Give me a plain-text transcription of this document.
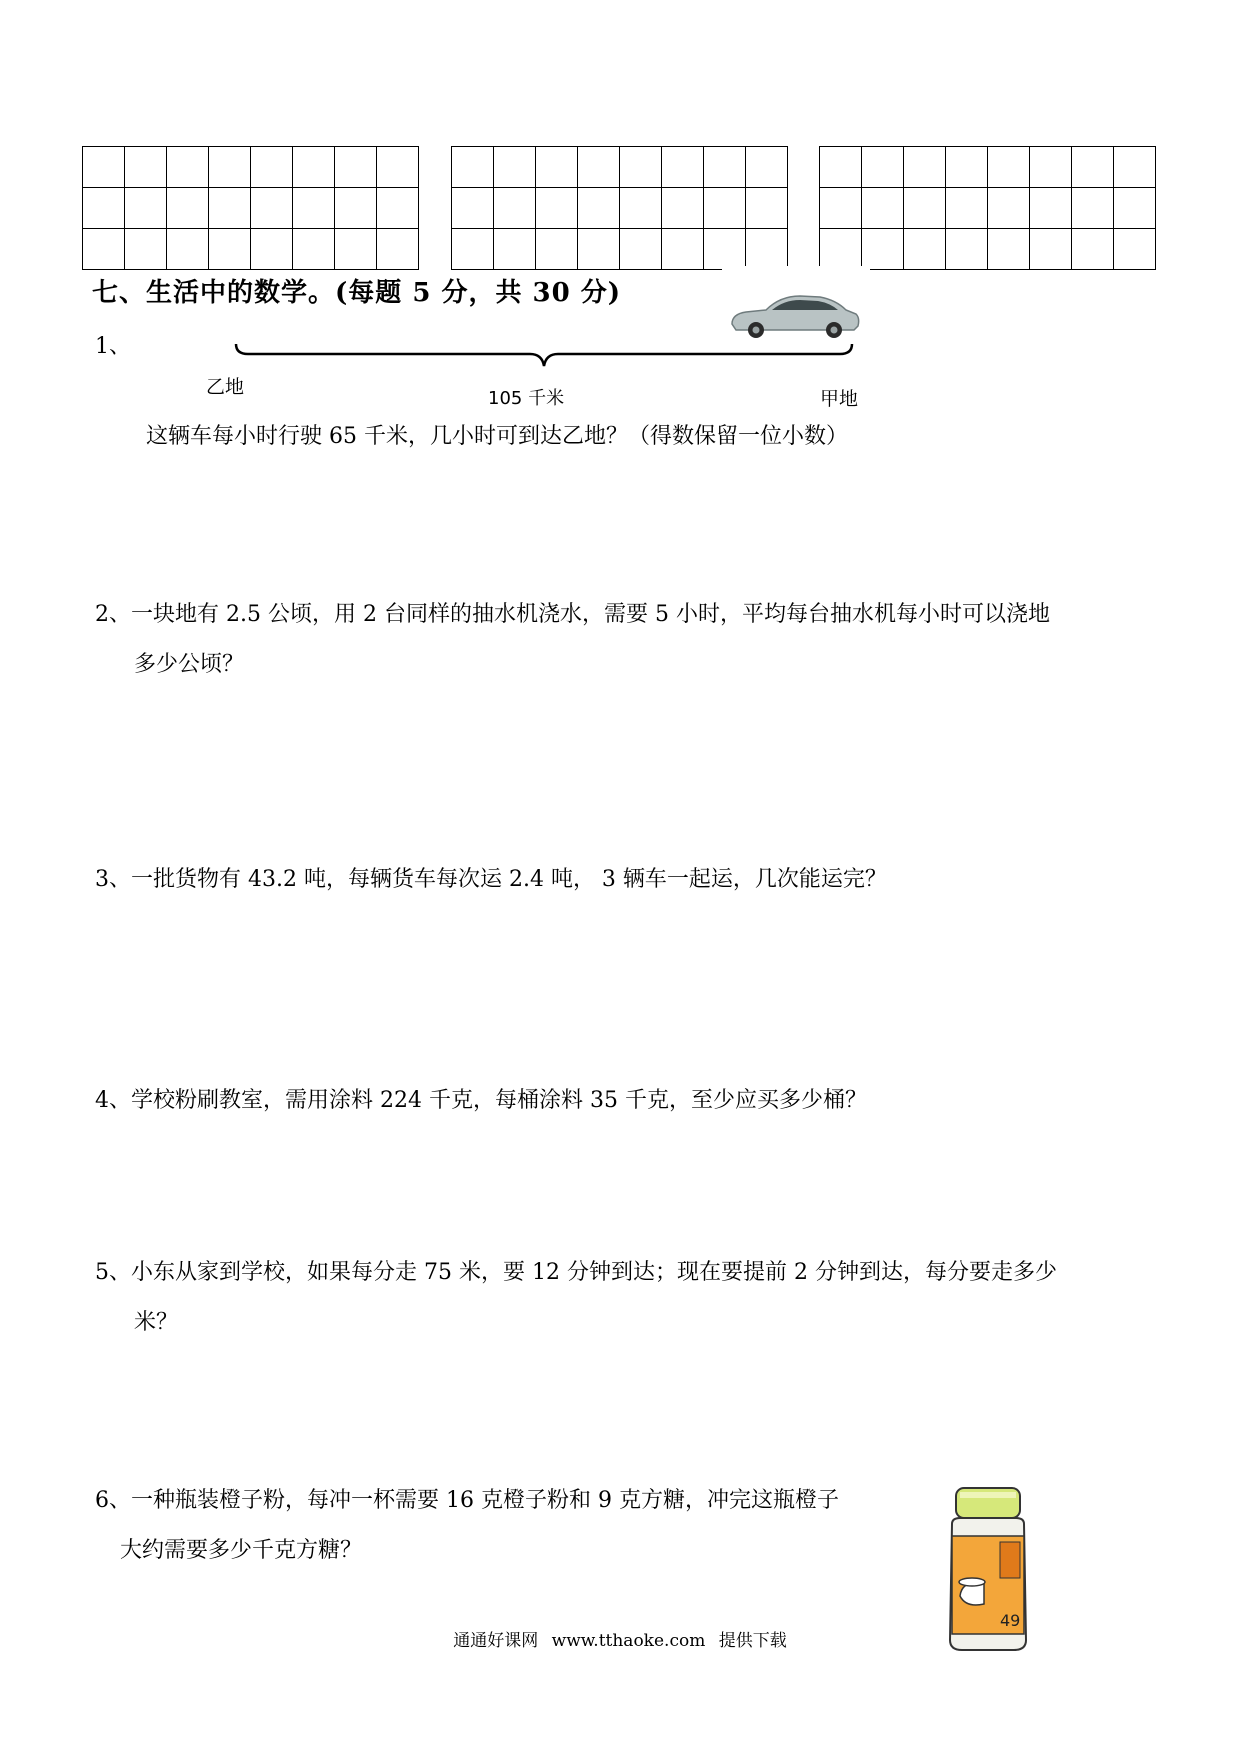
七、生活中的数学。(每题 5 分，共 30 分)
1、
乙地
105 千米	甲地
这辆车每小时行驶 65 千米，几小时可到达乙地？（得数保留一位小数）
2、一块地有 2.5 公顷，用 2 台同样的抽水机浇水，需要 5 小时，平均每台抽水机每小时可以浇地
多少公顷？
3、一批货物有 43.2 吨，每辆货车每次运 2.4 吨， 3 辆车一起运，几次能运完？
4、学校粉刷教室，需用涂料 224 千克，每桶涂料 35 千克，至少应买多少桶？
5、小东从家到学校，如果每分走 75 米，要 12 分钟到达；现在要提前 2 分钟到达，每分要走多少
米？
6、一种瓶装橙子粉，每冲一杯需要 16 克橙子粉和 9 克方糖，冲完这瓶橙子
大约需要多少千克方糖？
49
通通好课网 www.tthaoke.com 提供下载
